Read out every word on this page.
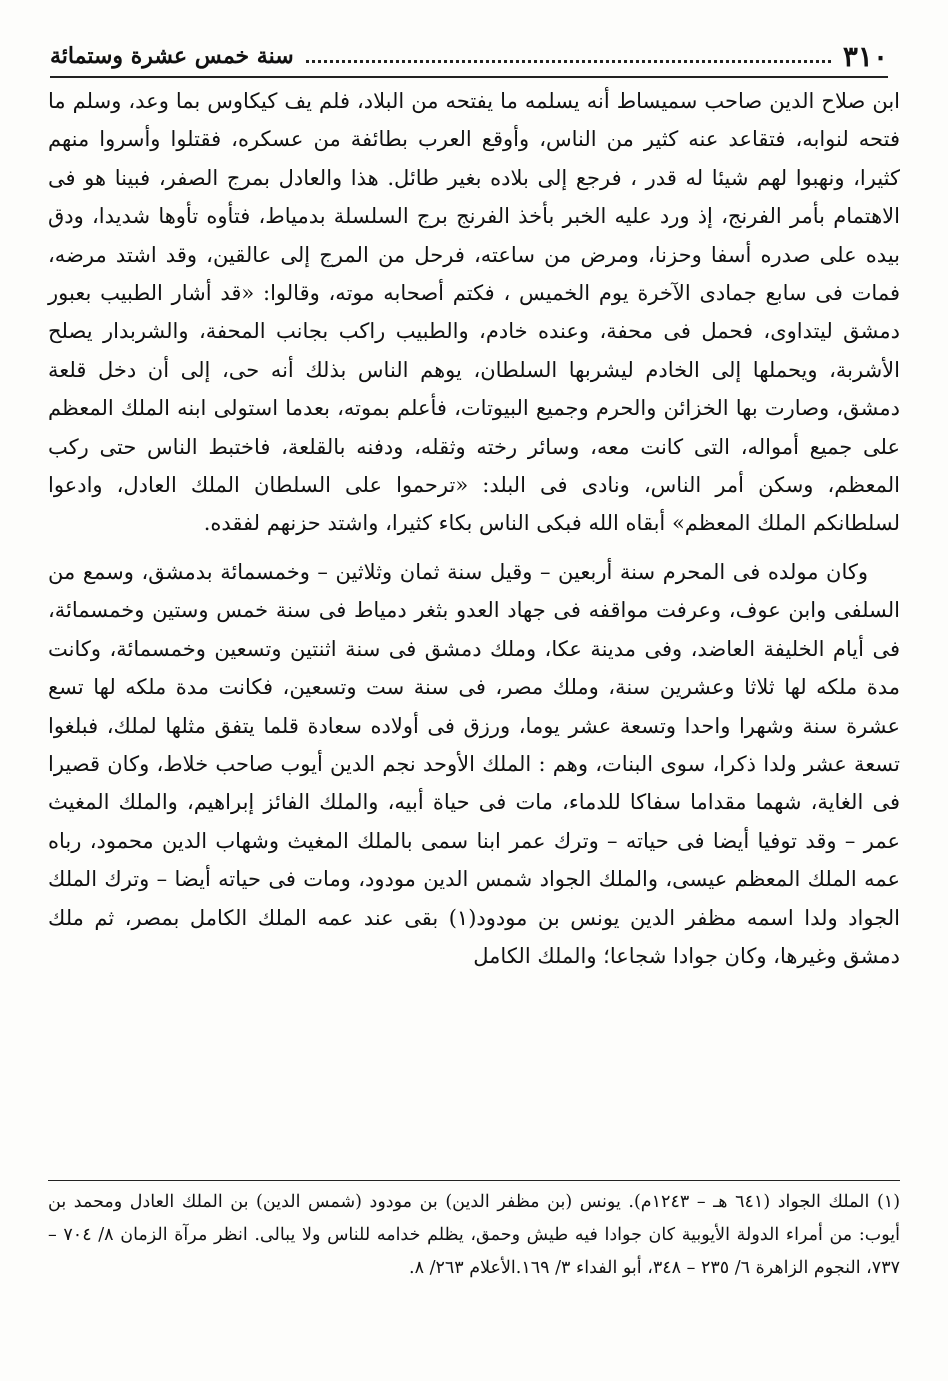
٣١٠
سنة خمس عشرة وستمائة

ابن صلاح الدين صاحب سميساط أنه يسلمه ما يفتحه من البلاد، فلم يف كيكاوس بما وعد، وسلم ما فتحه لنوابه، فتقاعد عنه كثير من الناس، وأوقع العرب بطائفة من عسكره، فقتلوا وأسروا منهم كثيرا، ونهبوا لهم شيئا له قدر ، فرجع إلى بلاده بغير طائل. هذا والعادل بمرج الصفر، فبينا هو فى الاهتمام بأمر الفرنج، إذ ورد عليه الخبر بأخذ الفرنج برج السلسلة بدمياط، فتأوه تأوها شديدا، ودق بيده على صدره أسفا وحزنا، ومرض من ساعته، فرحل من المرج إلى عالقين، وقد اشتد مرضه، فمات فى سابع جمادى الآخرة يوم الخميس ، فكتم أصحابه موته، وقالوا: «قد أشار الطبيب بعبور دمشق ليتداوى، فحمل فى محفة، وعنده خادم، والطبيب راكب بجانب المحفة، والشربدار يصلح الأشربة، ويحملها إلى الخادم ليشربها السلطان، يوهم الناس بذلك أنه حى، إلى أن دخل قلعة دمشق، وصارت بها الخزائن والحرم وجميع البيوتات، فأعلم بموته، بعدما استولى ابنه الملك المعظم على جميع أمواله، التى كانت معه، وسائر رخته وثقله، ودفنه بالقلعة، فاختبط الناس حتى ركب المعظم، وسكن أمر الناس، ونادى فى البلد: «ترحموا على السلطان الملك العادل، وادعوا لسلطانكم الملك المعظم» أبقاه الله فبكى الناس بكاء كثيرا، واشتد حزنهم لفقده.

وكان مولده فى المحرم سنة أربعين – وقيل سنة ثمان وثلاثين – وخمسمائة بدمشق، وسمع من السلفى وابن عوف، وعرفت مواقفه فى جهاد العدو بثغر دمياط فى سنة خمس وستين وخمسمائة، فى أيام الخليفة العاضد، وفى مدينة عكا، وملك دمشق فى سنة اثنتين وتسعين وخمسمائة، وكانت مدة ملكه لها ثلاثا وعشرين سنة، وملك مصر، فى سنة ست وتسعين، فكانت مدة ملكه لها تسع عشرة سنة وشهرا واحدا وتسعة عشر يوما، ورزق فى أولاده سعادة قلما يتفق مثلها لملك، فبلغوا تسعة عشر ولدا ذكرا، سوى البنات، وهم : الملك الأوحد نجم الدين أيوب صاحب خلاط، وكان قصيرا فى الغاية، شهما مقداما سفاكا للدماء، مات فى حياة أبيه، والملك الفائز إبراهيم، والملك المغيث عمر – وقد توفيا أيضا فى حياته – وترك عمر ابنا سمى بالملك المغيث وشهاب الدين محمود، رباه عمه الملك المعظم عيسى، والملك الجواد شمس الدين مودود، ومات فى حياته أيضا – وترك الملك الجواد ولدا اسمه مظفر الدين يونس بن مودود(١) بقى عند عمه الملك الكامل بمصر، ثم ملك دمشق وغيرها، وكان جوادا شجاعا؛ والملك الكامل

(١) الملك الجواد (٦٤١ هـ – ١٢٤٣م). يونس (بن مظفر الدين) بن مودود (شمس الدين) بن الملك العادل ومحمد بن أيوب: من أمراء الدولة الأيوبية كان جوادا فيه طيش وحمق، يظلم خدامه للناس ولا يبالى. انظر مرآة الزمان ٨/ ٧٠٤ – ٧٣٧، النجوم الزاهرة ٦/ ٢٣٥ – ٣٤٨، أبو الفداء ٣/ ١٦٩.الأعلام ٢٦٣/ ٨.
